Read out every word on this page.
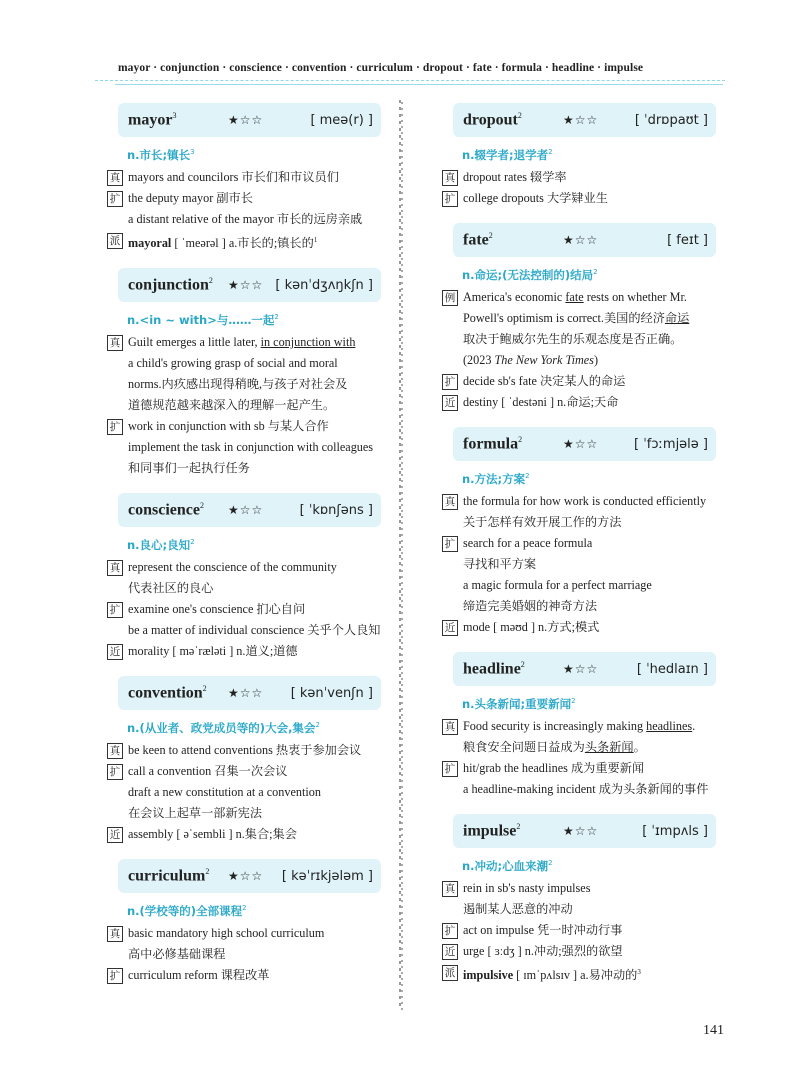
mayor · conjunction · conscience · convention · curriculum · dropout · fate · formula · headline · impulse
mayor$^3$	★☆☆	[ meə(r) ]
n.市长;镇长$^3$
真 mayors and councilors 市长们和市议员们
扩 the deputy mayor 副市长
a distant relative of the mayor 市长的远房亲戚
派 mayoral [ ˈmeərəl ] a.市长的;镇长的$^1$
conjunction$^2$	★☆☆ [ kənˈdʒʌŋkʃn ]
n.<in ~ with>与……一起$^2$
真 Guilt emerges a little later, in conjunction with
a child's growing grasp of social and moral
norms.内疚感出现得稍晚,与孩子对社会及
道德规范越来越深入的理解一起产生。
扩 work in conjunction with sb 与某人合作
implement the task in conjunction with colleagues
和同事们一起执行任务
conscience$^2$	★☆☆	[ ˈkɒnʃəns ]
n.良心;良知$^2$
真 represent the conscience of the community
代表社区的良心
扩 examine one's conscience 扪心自问
be a matter of individual conscience 关乎个人良知
近 morality [ məˈræləti ] n.道义;道德
convention$^2$	★☆☆ [ kənˈvenʃn ]
n.(从业者、政党成员等的)大会,集会$^2$
真 be keen to attend conventions 热衷于参加会议
扩 call a convention 召集一次会议
draft a new constitution at a convention
在会议上起草一部新宪法
近 assembly [ əˈsembli ] n.集合;集会
curriculum$^2$	★☆☆ [ kəˈrɪkjələm ]
n.(学校等的)全部课程$^2$
真 basic mandatory high school curriculum
高中必修基础课程
扩 curriculum reform 课程改革
dropout$^2$	★☆☆	[ ˈdrɒpaʊt ]
n.辍学者;退学者$^2$
真 dropout rates 辍学率
扩 college dropouts 大学肄业生
fate$^2$	★☆☆	[ feɪt ]
n.命运;(无法控制的)结局$^2$
例 America's economic fate rests on whether Mr.
Powell's optimism is correct.美国的经济命运
取决于鲍威尔先生的乐观态度是否正确。
(2023 The New York Times)
扩 decide sb's fate 决定某人的命运
近 destiny [ ˈdestəni ] n.命运;天命
formula$^2$	★☆☆	[ ˈfɔːmjələ ]
n.方法;方案$^2$
真 the formula for how work is conducted efficiently
关于怎样有效开展工作的方法
扩 search for a peace formula
寻找和平方案
a magic formula for a perfect marriage
缔造完美婚姻的神奇方法
近 mode [ məʊd ] n.方式;模式
headline$^2$	★☆☆	[ ˈhedlaɪn ]
n.头条新闻;重要新闻$^2$
真 Food security is increasingly making headlines.
粮食安全问题日益成为头条新闻。
扩 hit/grab the headlines 成为重要新闻
a headline-making incident 成为头条新闻的事件
impulse$^2$	★☆☆	[ ˈɪmpʌls ]
n.冲动;心血来潮$^2$
真 rein in sb's nasty impulses
遏制某人恶意的冲动
扩 act on impulse 凭一时冲动行事
近 urge [ ɜːdʒ ] n.冲动;强烈的欲望
派 impulsive [ ɪmˈpʌlsɪv ] a.易冲动的$^3$
141
